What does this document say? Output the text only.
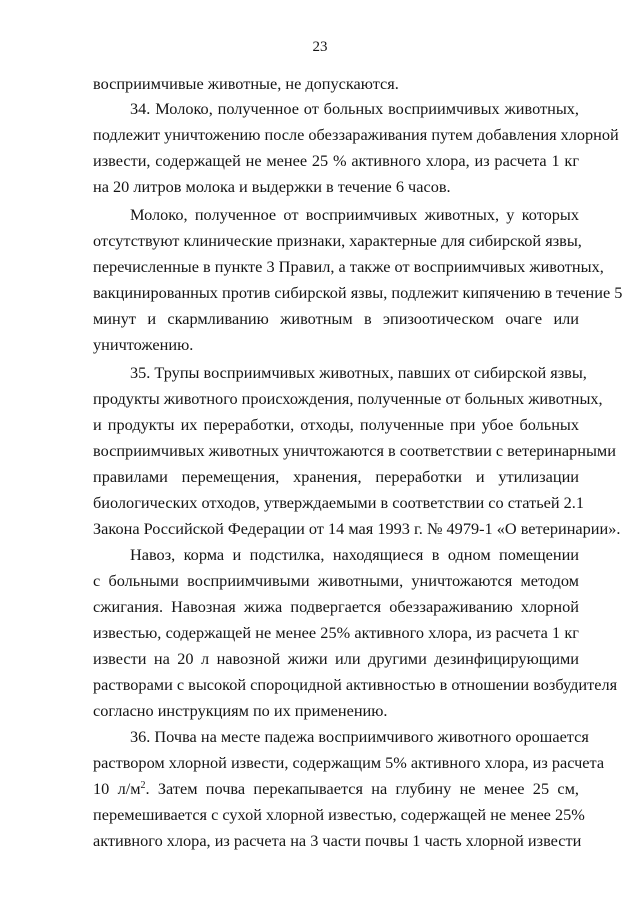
23
восприимчивые животные, не допускаются.
34. Молоко, полученное от больных восприимчивых животных,
подлежит уничтожению после обеззараживания путем добавления хлорной
извести, содержащей не менее 25 % активного хлора, из расчета 1 кг
на 20 литров молока и выдержки в течение 6 часов.
Молоко, полученное от восприимчивых животных, у которых
отсутствуют клинические признаки, характерные для сибирской язвы,
перечисленные в пункте 3 Правил, а также от восприимчивых животных,
вакцинированных против сибирской язвы, подлежит кипячению в течение 5
минут и скармливанию животным в эпизоотическом очаге или
уничтожению.
35. Трупы восприимчивых животных, павших от сибирской язвы,
продукты животного происхождения, полученные от больных животных,
и продукты их переработки, отходы, полученные при убое больных
восприимчивых животных уничтожаются в соответствии с ветеринарными
правилами перемещения, хранения, переработки и утилизации
биологических отходов, утверждаемыми в соответствии со статьей 2.1
Закона Российской Федерации от 14 мая 1993 г. № 4979-1 «О ветеринарии».
Навоз, корма и подстилка, находящиеся в одном помещении
с больными восприимчивыми животными, уничтожаются методом
сжигания. Навозная жижа подвергается обеззараживанию хлорной
известью, содержащей не менее 25% активного хлора, из расчета 1 кг
извести на 20 л навозной жижи или другими дезинфицирующими
растворами с высокой спороцидной активностью в отношении возбудителя
согласно инструкциям по их применению.
36. Почва на месте падежа восприимчивого животного орошается
раствором хлорной извести, содержащим 5% активного хлора, из расчета
10 $л/м^2$. Затем почва перекапывается на глубину не менее 25 см,
перемешивается с сухой хлорной известью, содержащей не менее 25%
активного хлора, из расчета на 3 части почвы 1 часть хлорной извести
